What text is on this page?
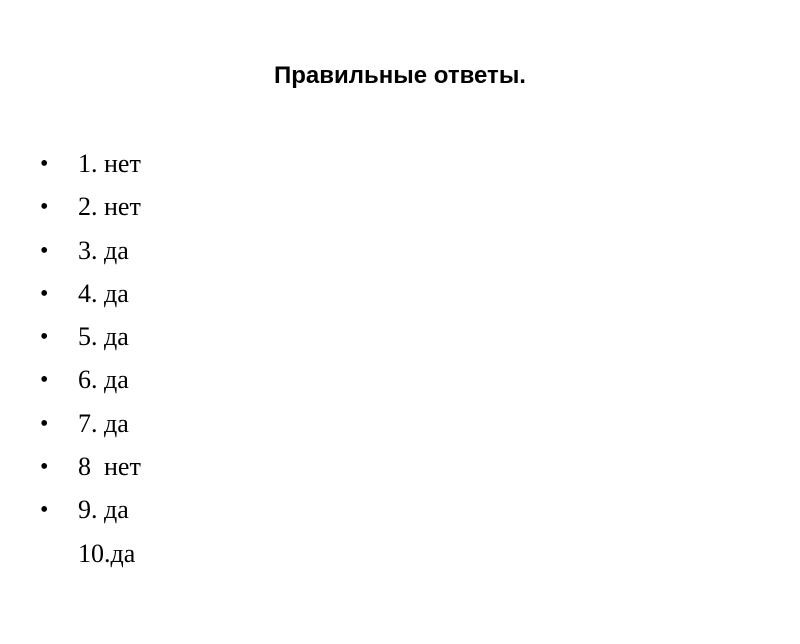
Правильные ответы.

•

	1. нет

•

	2. нет

•

	3. да

•

	4. да

•

	5. да

•

	6. да

•

	7. да

•

	8  нет

•

	9. да

10.да
